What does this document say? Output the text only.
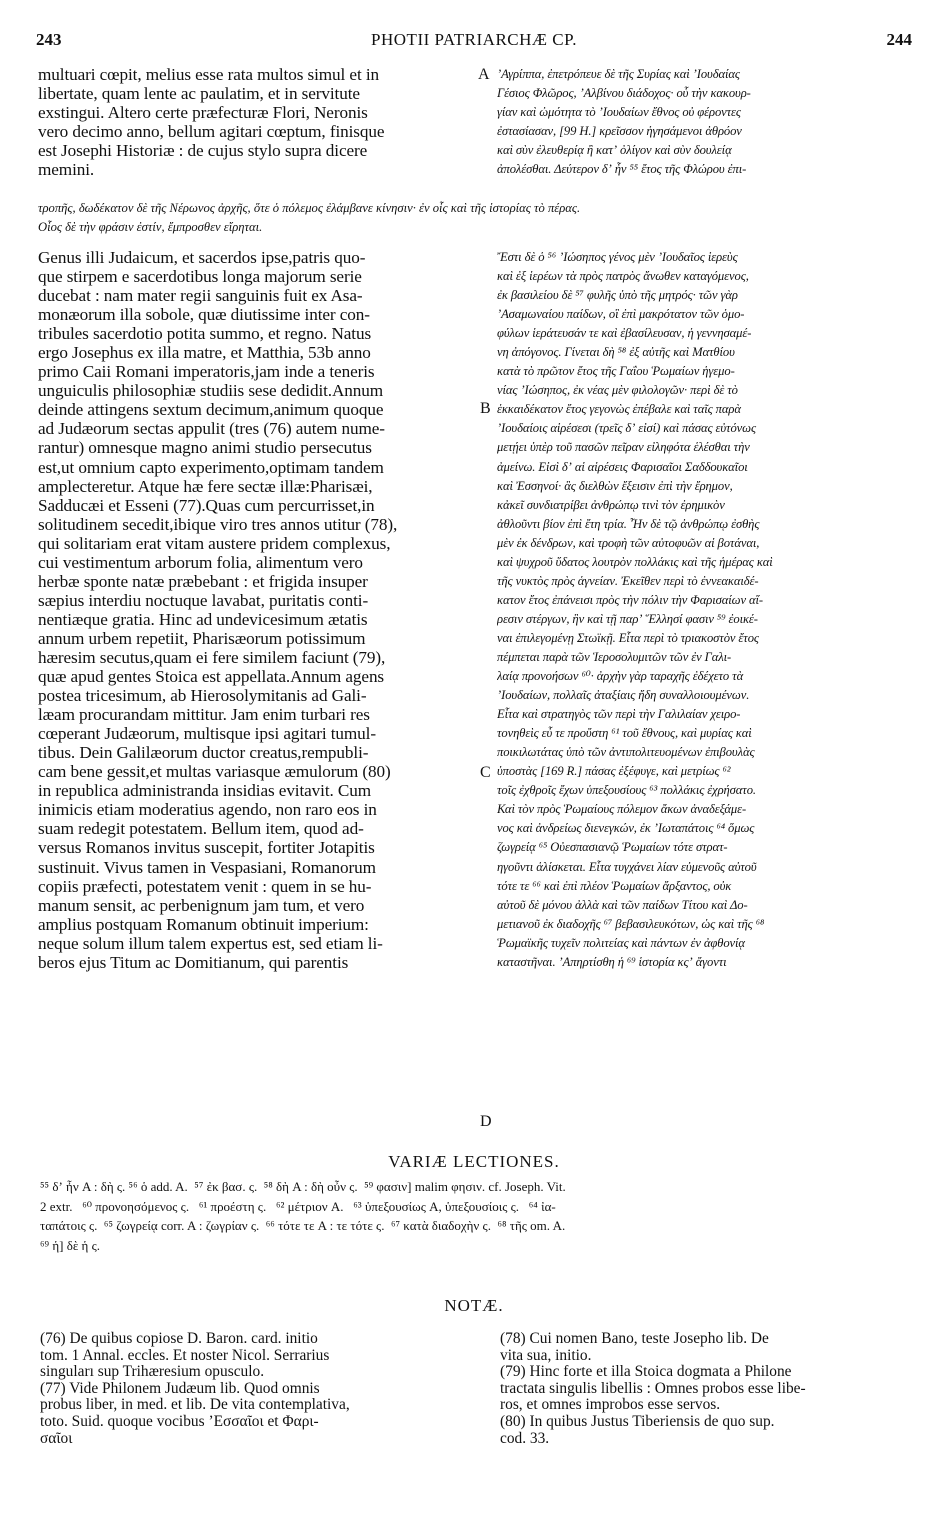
243	PHOTII PATRIARCHÆ CP.	244
multuari cœpit, melius esse rata multos simul et in
libertate, quam lente ac paulatim, et in servitute
exstingui. Altero certe præfecturæ Flori, Neronis
vero decimo anno, bellum agitari cœptum, finisque
est Josephi Historiæ : de cujus stylo supra dicere
memini.
ʼΑγρίππα, ἐπετρόπευε δὲ τῆς Συρίας καὶ ʼΙουδαίας
Γέσιος Φλῶρος, ʼΑλβίνου διάδοχος· οὗ τὴν κακουρ-
γίαν καὶ ὠμότητα τὸ ʼΙουδαίων ἔθνος οὐ φέροντες
ἐστασίασαν, [99 H.] κρεῖσσον ἡγησάμενοι ἀθρόον
καὶ σὺν ἐλευθερίᾳ ἢ κατʼ ὀλίγον καὶ σὺν δουλείᾳ
ἀπολέσθαι. Δεύτερον δʼ ἦν ⁵⁵ ἔτος τῆς Φλώρου ἐπι-
τροπῆς, δωδέκατον δὲ τῆς Νέρωνος ἀρχῆς, ὅτε ὁ πόλεμος ἐλάμβανε κίνησιν· ἐν οἷς καὶ τῆς ἱστορίας τὸ πέρας.
Οἷος δὲ τὴν φράσιν ἐστίν, ἔμπροσθεν εἴρηται.
Genus illi Judaicum, et sacerdos ipse,patris quo-
que stirpem e sacerdotibus longa majorum serie
ducebat : nam mater regii sanguinis fuit ex Asa-
monæorum illa sobole, quæ diutissime inter con-
tribules sacerdotio potita summo, et regno. Natus
ergo Josephus ex illa matre, et Matthia, 53b anno
primo Caii Romani imperatoris,jam inde a teneris
unguiculis philosophiæ studiis sese dedidit.Annum
deinde attingens sextum decimum,animum quoque
ad Judæorum sectas appulit (tres (76) autem nume-
rantur) omnesque magno animi studio persecutus
est,ut omnium capto experimento,optimam tandem
amplecteretur. Atque hæ fere sectæ illæ:Pharisæi,
Sadducæi et Esseni (77).Quas cum percurrisset,in
solitudinem secedit,ibique viro tres annos utitur (78),
qui solitariam erat vitam austere pridem complexus,
cui vestimentum arborum folia, alimentum vero
herbæ sponte natæ præbebant : et frigida insuper
sæpius interdiu noctuque lavabat, puritatis conti-
nentiæque gratia. Hinc ad undevicesimum ætatis
annum urbem repetiit, Pharisæorum potissimum
hæresim secutus,quam ei fere similem faciunt (79),
quæ apud gentes Stoica est appellata.Annum agens
postea tricesimum, ab Hierosolymitanis ad Gali-
læam procurandam mittitur. Jam enim turbari res
cœperant Judæorum, multisque ipsi agitari tumul-
tibus. Dein Galilæorum ductor creatus,rempubli-
cam bene gessit,et multas variasque æmulorum (80)
in republica administranda insidias evitavit. Cum
inimicis etiam moderatius agendo, non raro eos in
suam redegit potestatem. Bellum item, quod ad-
versus Romanos invitus suscepit, fortiter Jotapitis
sustinuit. Vivus tamen in Vespasiani, Romanorum
copiis præfecti, potestatem venit : quem in se hu-
manum sensit, ac perbenignum jam tum, et vero
amplius postquam Romanum obtinuit imperium:
neque solum illum talem expertus est, sed etiam li-
beros ejus Titum ac Domitianum, qui parentis
Ἔστι δὲ ὁ ⁵⁶ ʼΙώσηπος γένος μὲν ʼΙουδαῖος ἱερεὺς
καὶ ἐξ ἱερέων τὰ πρὸς πατρὸς ἄνωθεν καταγόμενος,
ἐκ βασιλείου δὲ ⁵⁷ φυλῆς ὑπὸ τῆς μητρός· τῶν γὰρ
ʼΑσαμωναίου παίδων, οἳ ἐπὶ μακρότατον τῶν ὁμο-
φύλων ἱεράτευσάν τε καὶ ἐβασίλευσαν, ἡ γεννησαμέ-
νη ἀπόγονος. Γίνεται δὴ ⁵⁸ ἐξ αὐτῆς καὶ Ματθίου
κατὰ τὸ πρῶτον ἔτος τῆς Γαΐου Ῥωμαίων ἡγεμο-
νίας ʼΙώσηπος, ἐκ νέας μὲν φιλολογῶν· περὶ δὲ τὸ
ἑκκαιδέκατον ἔτος γεγονὼς ἐπέβαλε καὶ ταῖς παρὰ
ʼΙουδαίοις αἱρέσεσι (τρεῖς δʼ εἰσί) καὶ πάσας εὐτόνως
μετῄει ὑπὲρ τοῦ πασῶν πεῖραν εἰληφότα ἑλέσθαι τὴν
ἀμείνω. Εἰσὶ δʼ αἱ αἱρέσεις Φαρισαῖοι Σαδδουκαῖοι
καὶ Ἐσσηνοί· ἃς διελθὼν ἔξεισιν ἐπὶ τὴν ἔρημον,
κἀκεῖ συνδιατρίβει ἀνθρώπῳ τινὶ τὸν ἐρημικὸν
ἀθλοῦντι βίον ἐπὶ ἔτη τρία. Ἦν δὲ τῷ ἀνθρώπῳ ἐσθὴς
μὲν ἐκ δένδρων, καὶ τροφὴ τῶν αὐτοφυῶν αἱ βοτάναι,
καὶ ψυχροῦ ὕδατος λουτρὸν πολλάκις καὶ τῆς ἡμέρας καὶ
τῆς νυκτὸς πρὸς ἁγνείαν. Ἐκεῖθεν περὶ τὸ ἐννεακαιδέ-
κατον ἔτος ἐπάνεισι πρὸς τὴν πόλιν τὴν Φαρισαίων αἵ-
ρεσιν στέργων, ἣν καὶ τῇ παρʼ Ἕλλησί φασιν ⁵⁹ ἐοικέ-
ναι ἐπιλεγομένῃ Στωϊκῇ. Εἶτα περὶ τὸ τριακοστὸν ἔτος
πέμπεται παρὰ τῶν Ἱεροσολυμιτῶν τῶν ἐν Γαλι-
λαίᾳ προνοήσων ⁶⁰· ἀρχὴν γὰρ ταραχῆς ἐδέχετο τὰ
ʼΙουδαίων, πολλαῖς ἀταξίαις ἤδη συναλλοιουμένων.
Εἶτα καὶ στρατηγὸς τῶν περὶ τὴν Γαλιλαίαν χειρο-
τονηθεὶς εὖ τε προὔστη ⁶¹ τοῦ ἔθνους, καὶ μυρίας καὶ
ποικιλωτάτας ὑπὸ τῶν ἀντιπολιτευομένων ἐπιβουλὰς
ὑποστὰς [169 R.] πάσας ἐξέφυγε, καὶ μετρίως ⁶²
τοῖς ἐχθροῖς ἔχων ὑπεξουσίους ⁶³ πολλάκις ἐχρήσατο.
Καὶ τὸν πρὸς Ῥωμαίους πόλεμον ἄκων ἀναδεξάμε-
νος καὶ ἀνδρείως διενεγκών, ἐκ ʼΙωταπάτοις ⁶⁴ ὅμως
ζωγρείᾳ ⁶⁵ Οὐεσπασιανῷ Ῥωμαίων τότε στρατ-
ηγοῦντι ἁλίσκεται. Εἶτα τυγχάνει λίαν εὐμενοῦς αὐτοῦ
τότε τε ⁶⁶ καὶ ἐπὶ πλέον Ῥωμαίων ἄρξαντος, οὐκ
αὐτοῦ δὲ μόνου ἀλλὰ καὶ τῶν παίδων Τίτου καὶ Δο-
μετιανοῦ ἐκ διαδοχῆς ⁶⁷ βεβασιλευκότων, ὡς καὶ τῆς ⁶⁸
Ῥωμαϊκῆς τυχεῖν πολιτείας καὶ πάντων ἐν ἀφθονίᾳ
καταστῆναι. ʼΑπηρτίσθη ἡ ⁶⁹ ἱστορία κςʼ ἄγοντι
A
B
C
D
VARIÆ LECTIONES.
⁵⁵ δʼ ἦν A : δὴ ς. ⁵⁶ ὁ add. A.  ⁵⁷ ἐκ βασ. ς.  ⁵⁸ δὴ A : δὴ οὖν ς.  ⁵⁹ φασιν] malim φησιν. cf. Joseph. Vit.
2 extr.   ⁶⁰ προνοησόμενος ς.   ⁶¹ προέστη ς.   ⁶² μέτριον A.   ⁶³ ὑπεξουσίως A, ὑπεξουσίοις ς.   ⁶⁴ ἰα-
ταπάτοις ς.  ⁶⁵ ζωγρείᾳ corr. A : ζωγρίαν ς.  ⁶⁶ τότε τε A : τε τότε ς.  ⁶⁷ κατὰ διαδοχὴν ς.  ⁶⁸ τῆς om. A.
⁶⁹ ἡ] δὲ ἡ ς.
NOTÆ.
(76) De quibus copiose D. Baron. card. initio
tom. 1 Annal. eccles. Et noster Nicol. Serrarius
singuları sup Trihæresium opusculo.
(77) Vide Philonem Judæum lib. Quod omnis
probus liber, in med. et lib. De vita contemplativa,
toto. Suid. quoque vocibus ʼΕσσαῖοι et Φαρι-
σαῖοι
(78) Cui nomen Bano, teste Josepho lib. De
vita sua, initio.
(79) Hinc forte et illa Stoica dogmata a Philone
tractata singulis libellis : Omnes probos esse libe-
ros, et omnes improbos esse servos.
(80) In quibus Justus Tiberiensis de quo sup.
cod. 33.
